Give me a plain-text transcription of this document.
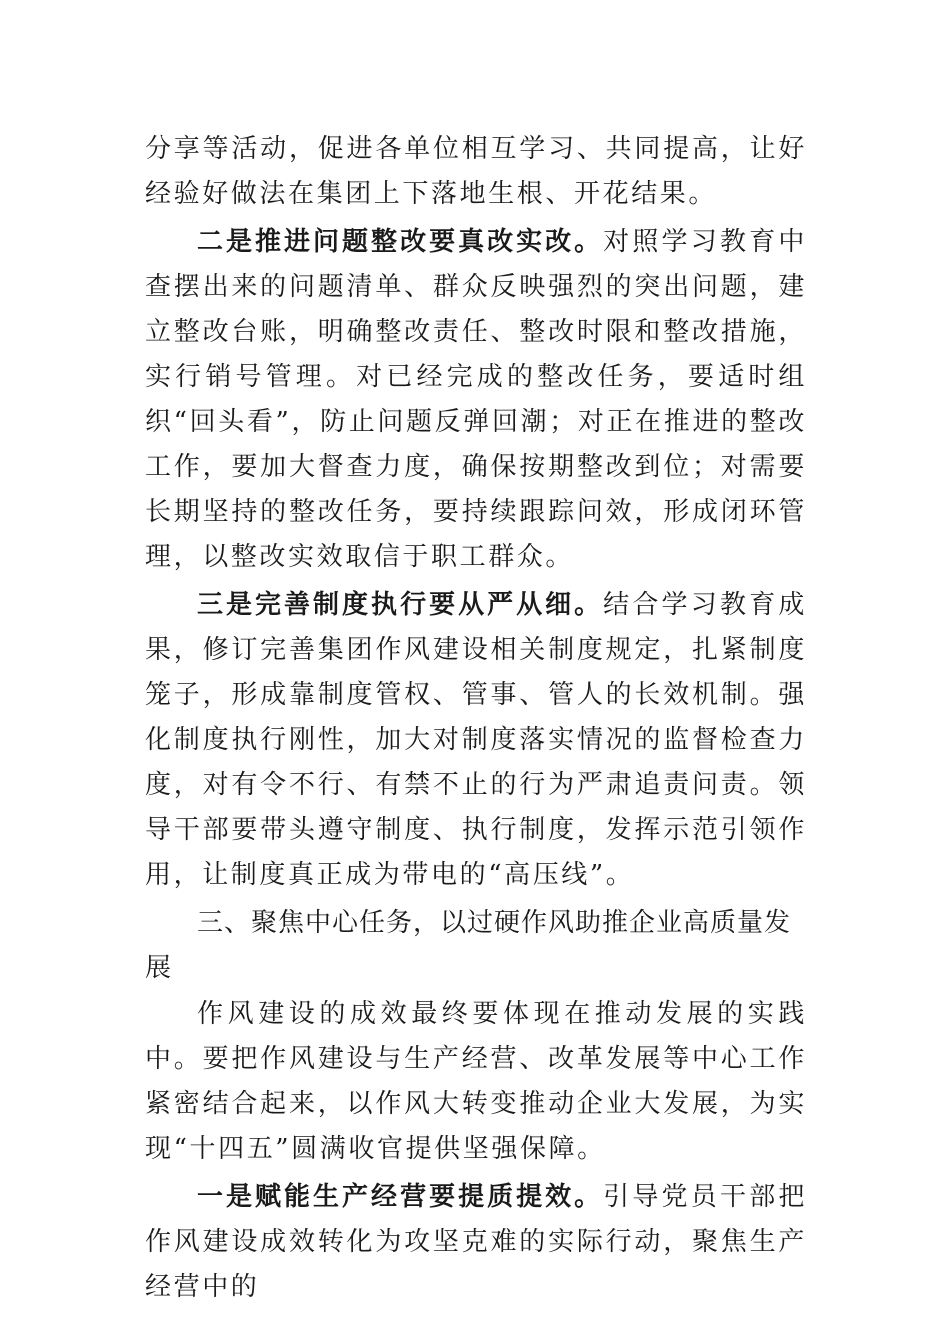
分享等活动，促进各单位相互学习、共同提高，让好经验好做法在集团上下落地生根、开花结果。

二是推进问题整改要真改实改。对照学习教育中查摆出来的问题清单、群众反映强烈的突出问题，建立整改台账，明确整改责任、整改时限和整改措施，实行销号管理。对已经完成的整改任务，要适时组织“回头看”，防止问题反弹回潮；对正在推进的整改工作，要加大督查力度，确保按期整改到位；对需要长期坚持的整改任务，要持续跟踪问效，形成闭环管理，以整改实效取信于职工群众。

三是完善制度执行要从严从细。结合学习教育成果，修订完善集团作风建设相关制度规定，扎紧制度笼子，形成靠制度管权、管事、管人的长效机制。强化制度执行刚性，加大对制度落实情况的监督检查力度，对有令不行、有禁不止的行为严肃追责问责。领导干部要带头遵守制度、执行制度，发挥示范引领作用，让制度真正成为带电的“高压线”。

三、聚焦中心任务，以过硬作风助推企业高质量发展

作风建设的成效最终要体现在推动发展的实践中。要把作风建设与生产经营、改革发展等中心工作紧密结合起来，以作风大转变推动企业大发展，为实现“十四五”圆满收官提供坚强保障。

一是赋能生产经营要提质提效。引导党员干部把作风建设成效转化为攻坚克难的实际行动，聚焦生产经营中的
